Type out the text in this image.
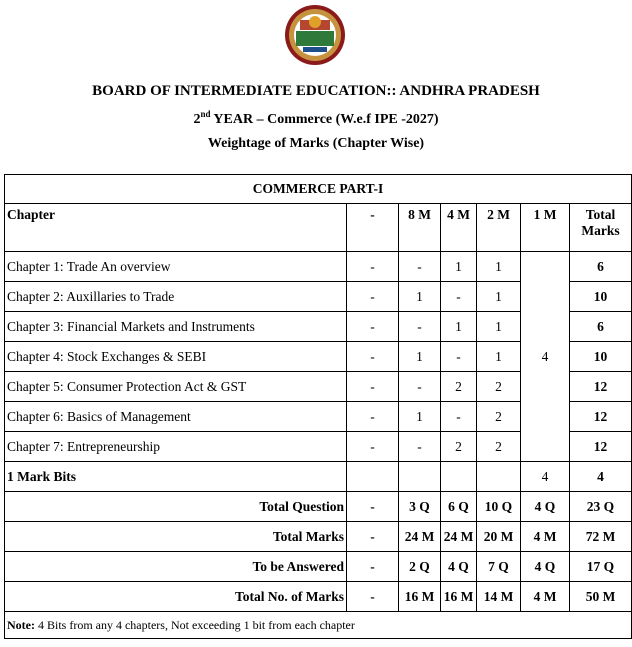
BOARD OF INTERMEDIATE EDUCATION:: ANDHRA PRADESH
2nd YEAR – Commerce (W.e.f IPE -2027)
Weightage of Marks (Chapter Wise)
COMMERCE PART-I						
Chapter	-	8 M	4 M	2 M	1 M	Total Marks
Chapter 1: Trade An overview	-	-	1	1	4	6
Chapter 2: Auxillaries to Trade	-	1	-	1		10
Chapter 3: Financial Markets and Instruments	-	-	1	1		6
Chapter 4: Stock Exchanges & SEBI	-	1	-	1		10
Chapter 5: Consumer Protection Act & GST	-	-	2	2		12
Chapter 6: Basics of Management	-	1	-	2		12
Chapter 7: Entrepreneurship	-	-	2	2		12
1 Mark Bits					4	4
Total Question	-	3 Q	6 Q	10 Q	4 Q	23 Q
Total Marks	-	24 M	24 M	20 M	4 M	72 M
To be Answered	-	2 Q	4 Q	7 Q	4 Q	17 Q
Total No. of Marks	-	16 M	16 M	14 M	4 M	50 M
Note: 4 Bits from any 4 chapters, Not exceeding 1 bit from each chapter						
